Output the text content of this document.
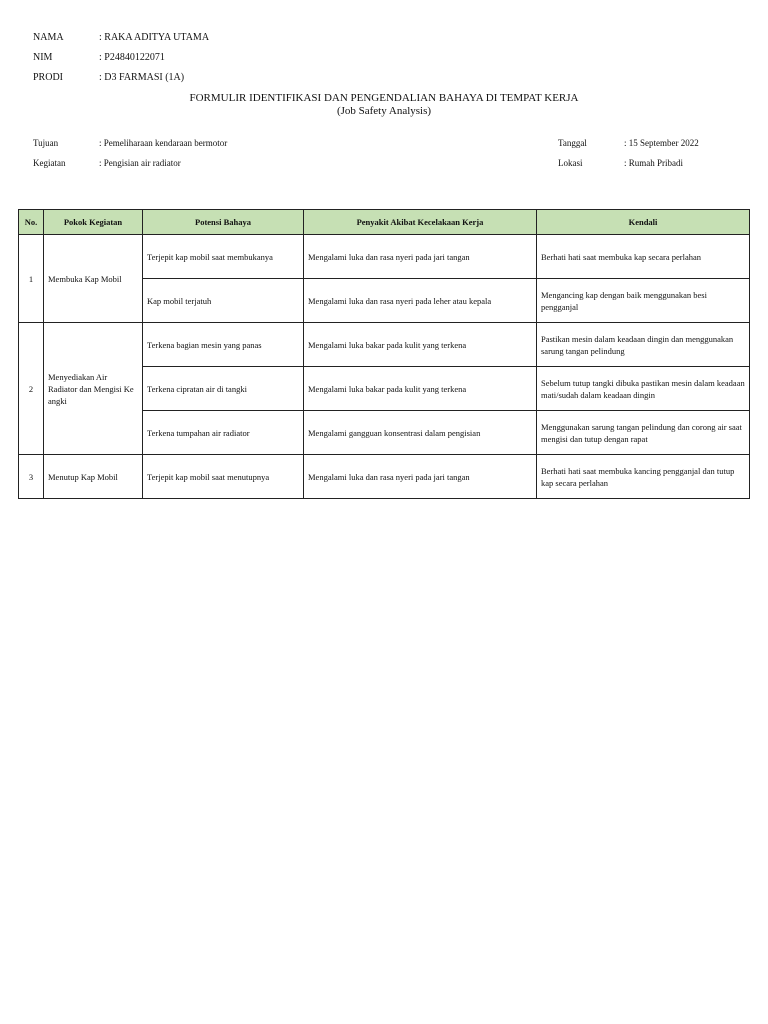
NAMA	: RAKA ADITYA UTAMA
NIM	: P24840122071
PRODI	: D3 FARMASI (1A)
FORMULIR IDENTIFIKASI DAN PENGENDALIAN BAHAYA DI TEMPAT KERJA
(Job Safety Analysis)
Tujuan	: Pemeliharaan kendaraan bermotor
Kegiatan	: Pengisian air radiator
Tanggal	: 15 September 2022
Lokasi	: Rumah Pribadi
No.	Pokok Kegiatan	Potensi Bahaya	Penyakit Akibat Kecelakaan Kerja	Kendali
1	Membuka Kap Mobil	Terjepit kap mobil saat membukanya	Mengalami luka dan rasa nyeri pada jari tangan	Berhati hati saat membuka kap secara perlahan
		Kap mobil terjatuh	Mengalami luka dan rasa nyeri pada leher atau kepala	Mengancing kap dengan baik menggunakan besi pengganjal
2	Menyediakan Air Radiator dan Mengisi Ke angki	Terkena bagian mesin yang panas	Mengalami luka bakar pada kulit yang terkena	Pastikan mesin dalam keadaan dingin dan menggunakan sarung tangan pelindung
		Terkena cipratan air di tangki	Mengalami luka bakar pada kulit yang terkena	Sebelum tutup tangki dibuka pastikan mesin dalam keadaan mati/sudah dalam keadaan dingin
		Terkena tumpahan air radiator	Mengalami gangguan konsentrasi dalam pengisian	Menggunakan sarung tangan pelindung dan corong air saat mengisi dan tutup dengan rapat
3	Menutup Kap Mobil	Terjepit kap mobil saat menutupnya	Mengalami luka dan rasa nyeri pada jari tangan	Berhati hati saat membuka kancing pengganjal dan tutup kap secara perlahan
